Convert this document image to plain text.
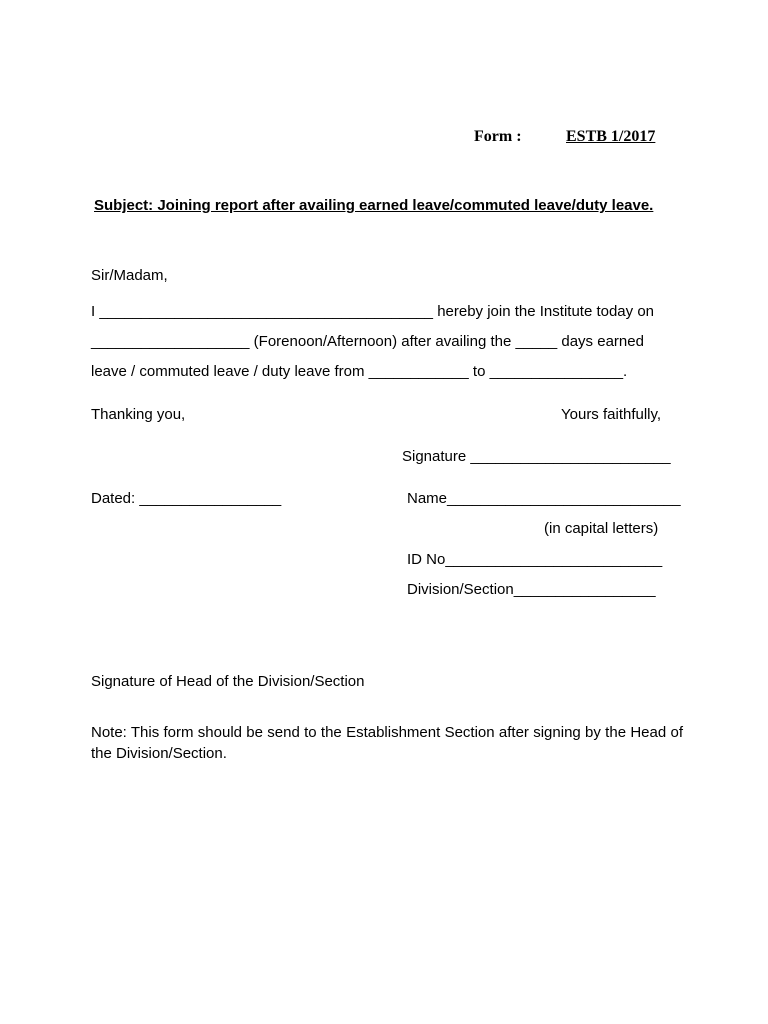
Form :	ESTB 1/2017
Subject: Joining report after availing earned leave/commuted leave/duty leave.
Sir/Madam,
I ________________________________________ hereby join the Institute today on
___________________ (Forenoon/Afternoon) after availing the _____ days earned
leave / commuted leave / duty leave from ____________ to ________________.
Thanking you,	Yours faithfully,
Signature ________________________
Dated: _________________	Name____________________________
(in capital letters)
ID No__________________________
Division/Section_________________
Signature of Head of the Division/Section
Note: This form should be send to the Establishment Section after signing by the Head of the Division/Section.
